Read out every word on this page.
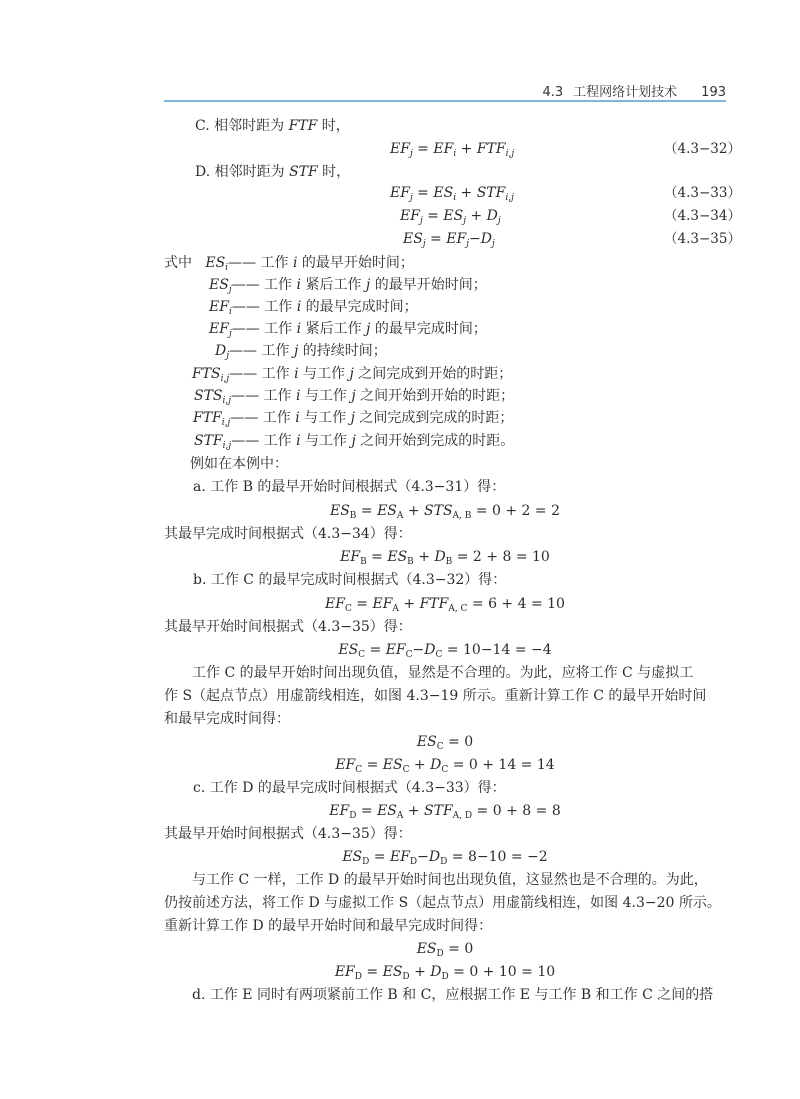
4.3 工程网络计划技术 193
C. 相邻时距为 FTF 时，
$EF_j = EF_i + FTF_{i,j}$
D. 相邻时距为 STF 时，
$EF_j = ES_i + STF_{i,j}$
$EF_j = ES_j + D_j$
$ES_j = EF_j-D_j$
式中   $ES_i——$ 工作 i 的最早开始时间；
$ES_j——$ 工作 i 紧后工作 j 的最早开始时间；
$EF_i——$ 工作 i 的最早完成时间；
$EF_j——$ 工作 i 紧后工作 j 的最早完成时间；
$D_j——$ 工作 j 的持续时间；
$FTS_{i,j}——$ 工作 i 与工作 j 之间完成到开始的时距；
$STS_{i,j}——$ 工作 i 与工作 j 之间开始到开始的时距；
$FTF_{i,j}——$ 工作 i 与工作 j 之间完成到完成的时距；
$STF_{i,j}——$ 工作 i 与工作 j 之间开始到完成的时距。
例如在本例中：
a. 工作 B 的最早开始时间根据式（4.3−31）得：
$ES_B = ES_A + STS_{A, B} = 0 + 2 = 2$
其最早完成时间根据式（4.3−34）得：
$EF_B = ES_B + D_B = 2 + 8 = 10$
b. 工作 C 的最早完成时间根据式（4.3−32）得：
$EF_C = EF_A + FTF_{A, C} = 6 + 4 = 10$
其最早开始时间根据式（4.3−35）得：
$ES_C = EF_C-D_C = 10-14 = -4$
工作 C 的最早开始时间出现负值，显然是不合理的。为此，应将工作 C 与虚拟工
作 S（起点节点）用虚箭线相连，如图 4.3−19 所示。重新计算工作 C 的最早开始时间
和最早完成时间得：
$ES_C = 0$
$EF_C = ES_C + D_C = 0 + 14 = 14$
c. 工作 D 的最早完成时间根据式（4.3−33）得：
$EF_D = ES_A + STF_{A, D} = 0 + 8 = 8$
其最早开始时间根据式（4.3−35）得：
$ES_D = EF_D-D_D = 8-10 = -2$
与工作 C 一样，工作 D 的最早开始时间也出现负值，这显然也是不合理的。为此，
仍按前述方法，将工作 D 与虚拟工作 S（起点节点）用虚箭线相连，如图 4.3−20 所示。
重新计算工作 D 的最早开始时间和最早完成时间得：
$ES_D = 0$
$EF_D = ES_D + D_D = 0 + 10 = 10$
d. 工作 E 同时有两项紧前工作 B 和 C，应根据工作 E 与工作 B 和工作 C 之间的搭
（4.3−32）
（4.3−33）
（4.3−34）
（4.3−35）
